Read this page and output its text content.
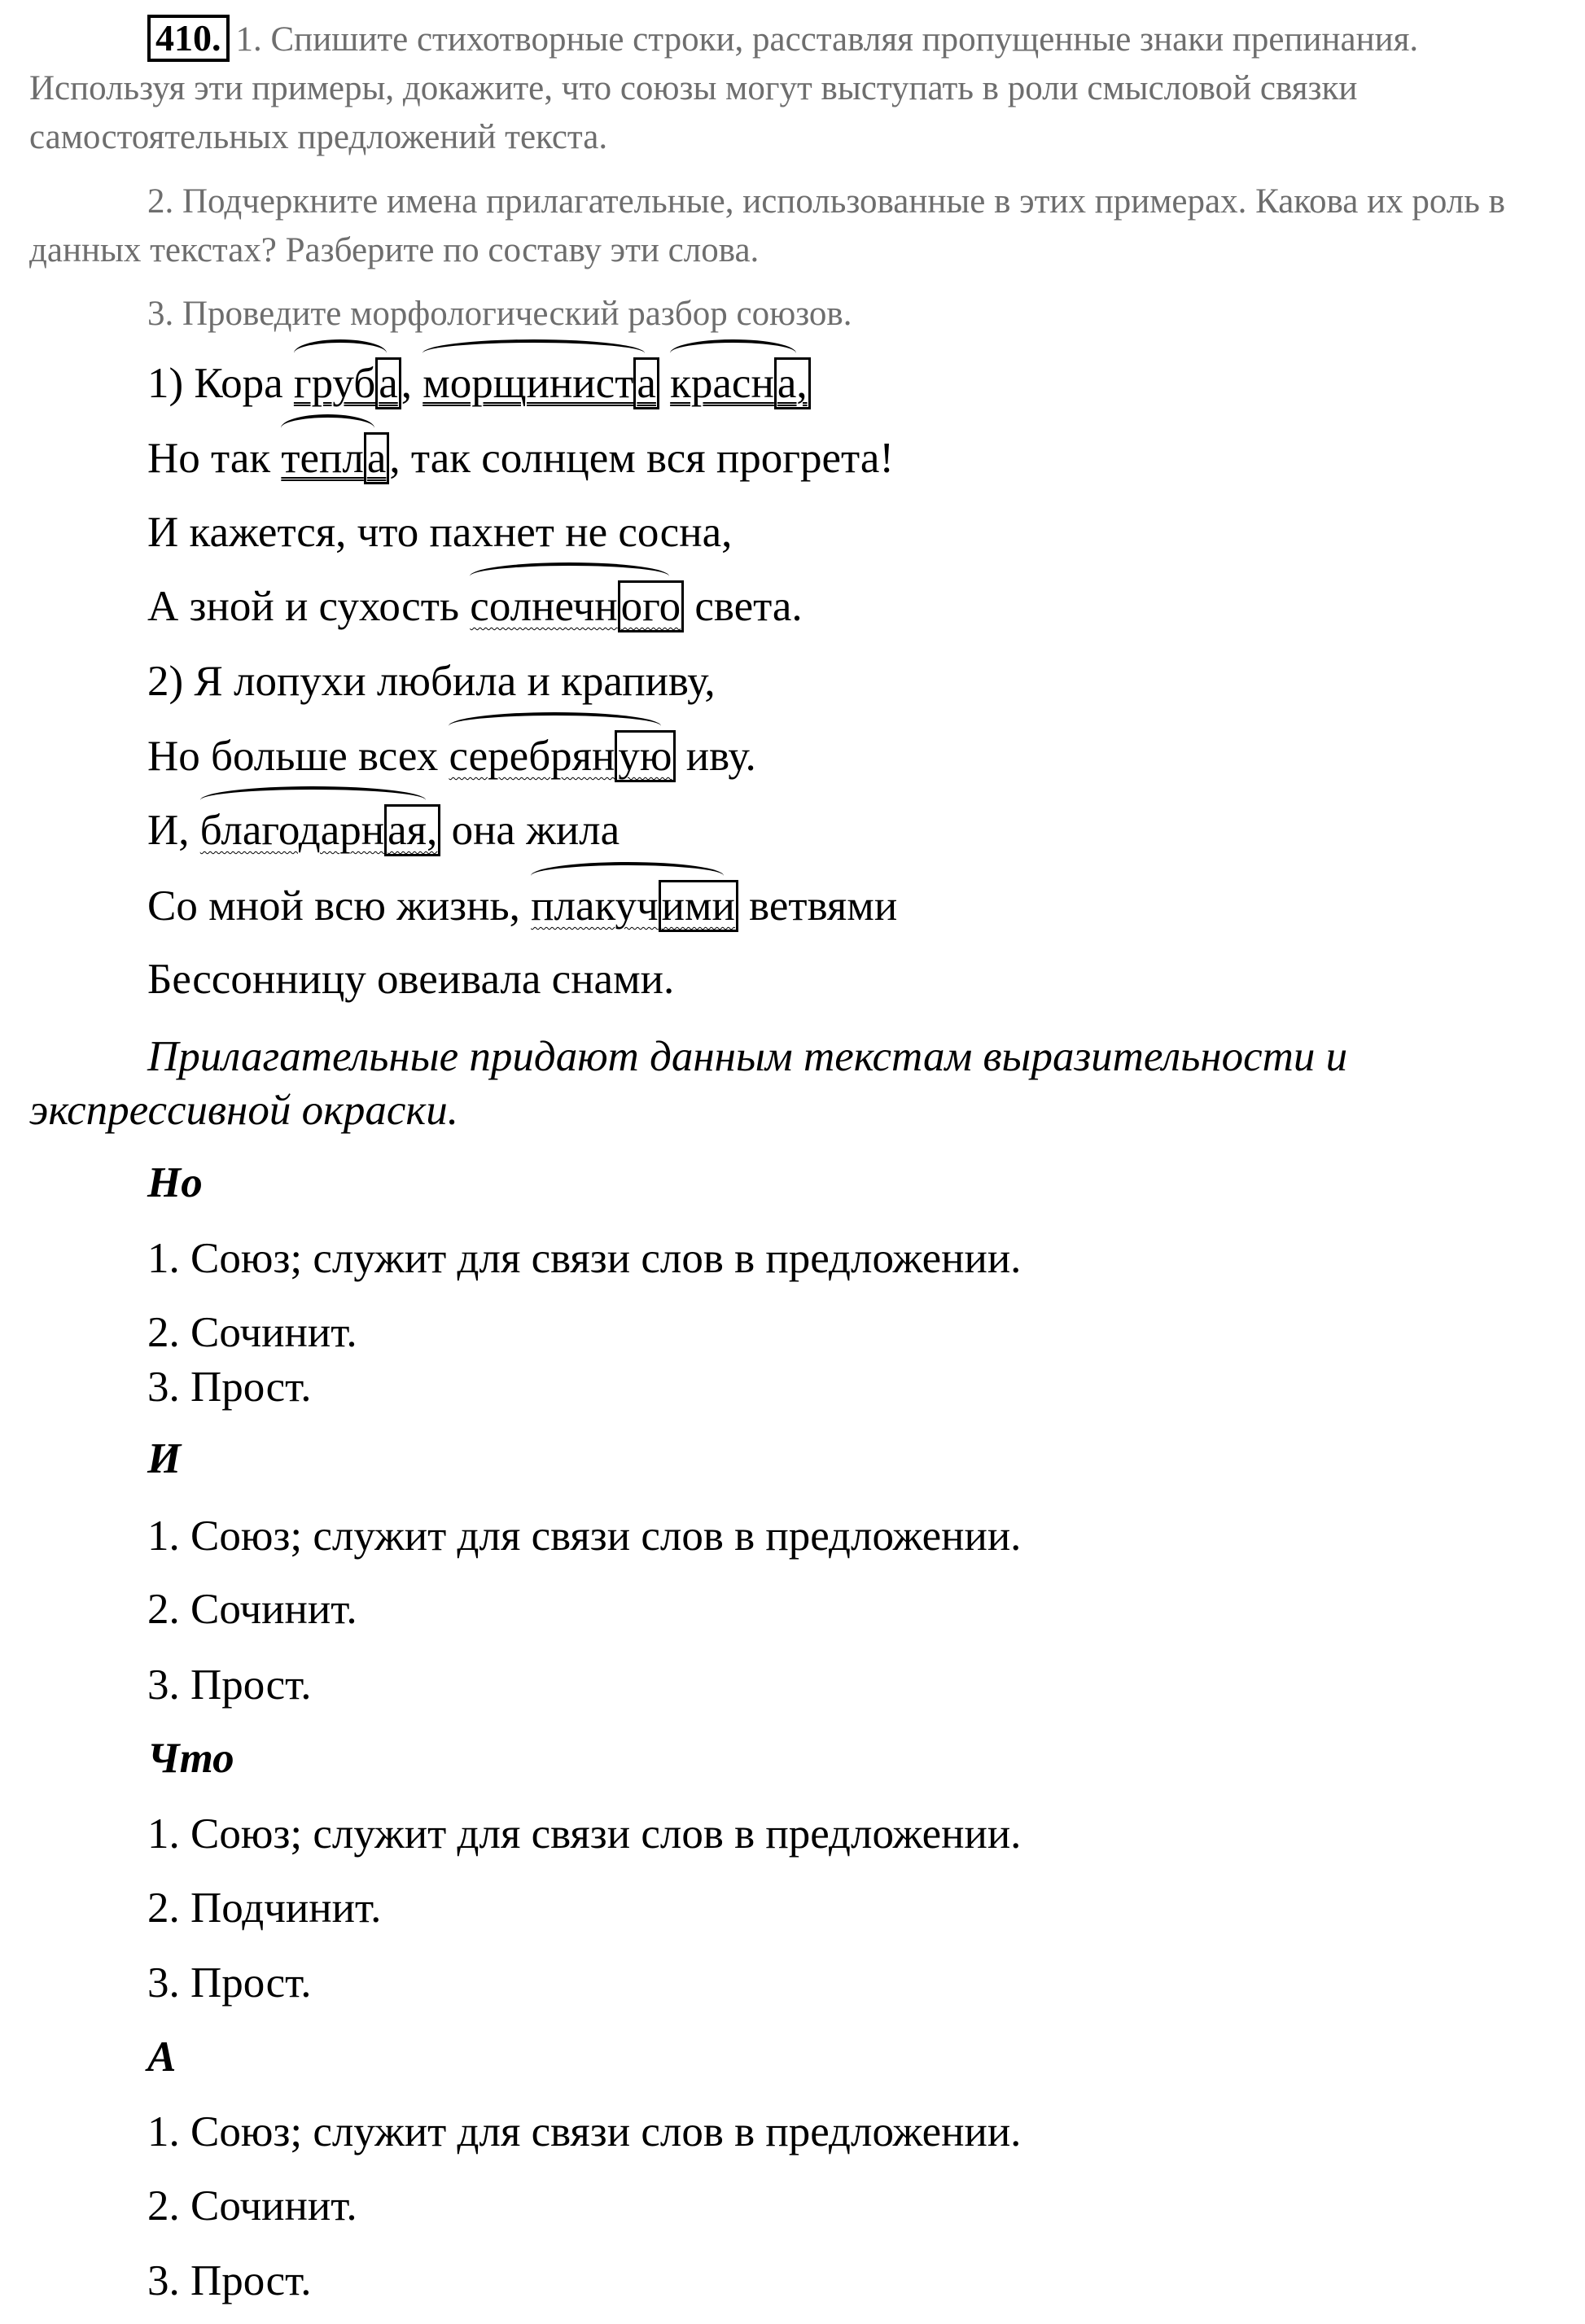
410. 1. Спишите стихотворные строки, расставляя пропущенные знаки препинания. Используя эти примеры, докажите, что союзы могут выступать в роли смысловой связки самостоятельных предложений текста.

2. Подчеркните имена прилагательные, использованные в этих примерах. Какова их роль в данных текстах? Разберите по составу эти слова.

3. Проведите морфологический разбор союзов.

1) Кора
груба,
морщиниста красна,
Но так
тепла, так солнцем вся прогрета!
И кажется, что пахнет не сосна,
А зной и сухость
солнечного света.
2) Я лопухи любила и крапиву,
Но больше всех
серебряную иву.
И,
благодарная, она жила
Со мной всю жизнь,
плакучими ветвями
Бессонницу овеивала снами.

Прилагательные придают данным текстам выразительности и экспрессивной окраски.

Но
1. Союз; служит для связи слов в предложении.
2. Сочинит.
3. Прост.
И
1. Союз; служит для связи слов в предложении.
2. Сочинит.
3. Прост.
Что
1. Союз; служит для связи слов в предложении.
2. Подчинит.
3. Прост.
А
1. Союз; служит для связи слов в предложении.
2. Сочинит.
3. Прост.
